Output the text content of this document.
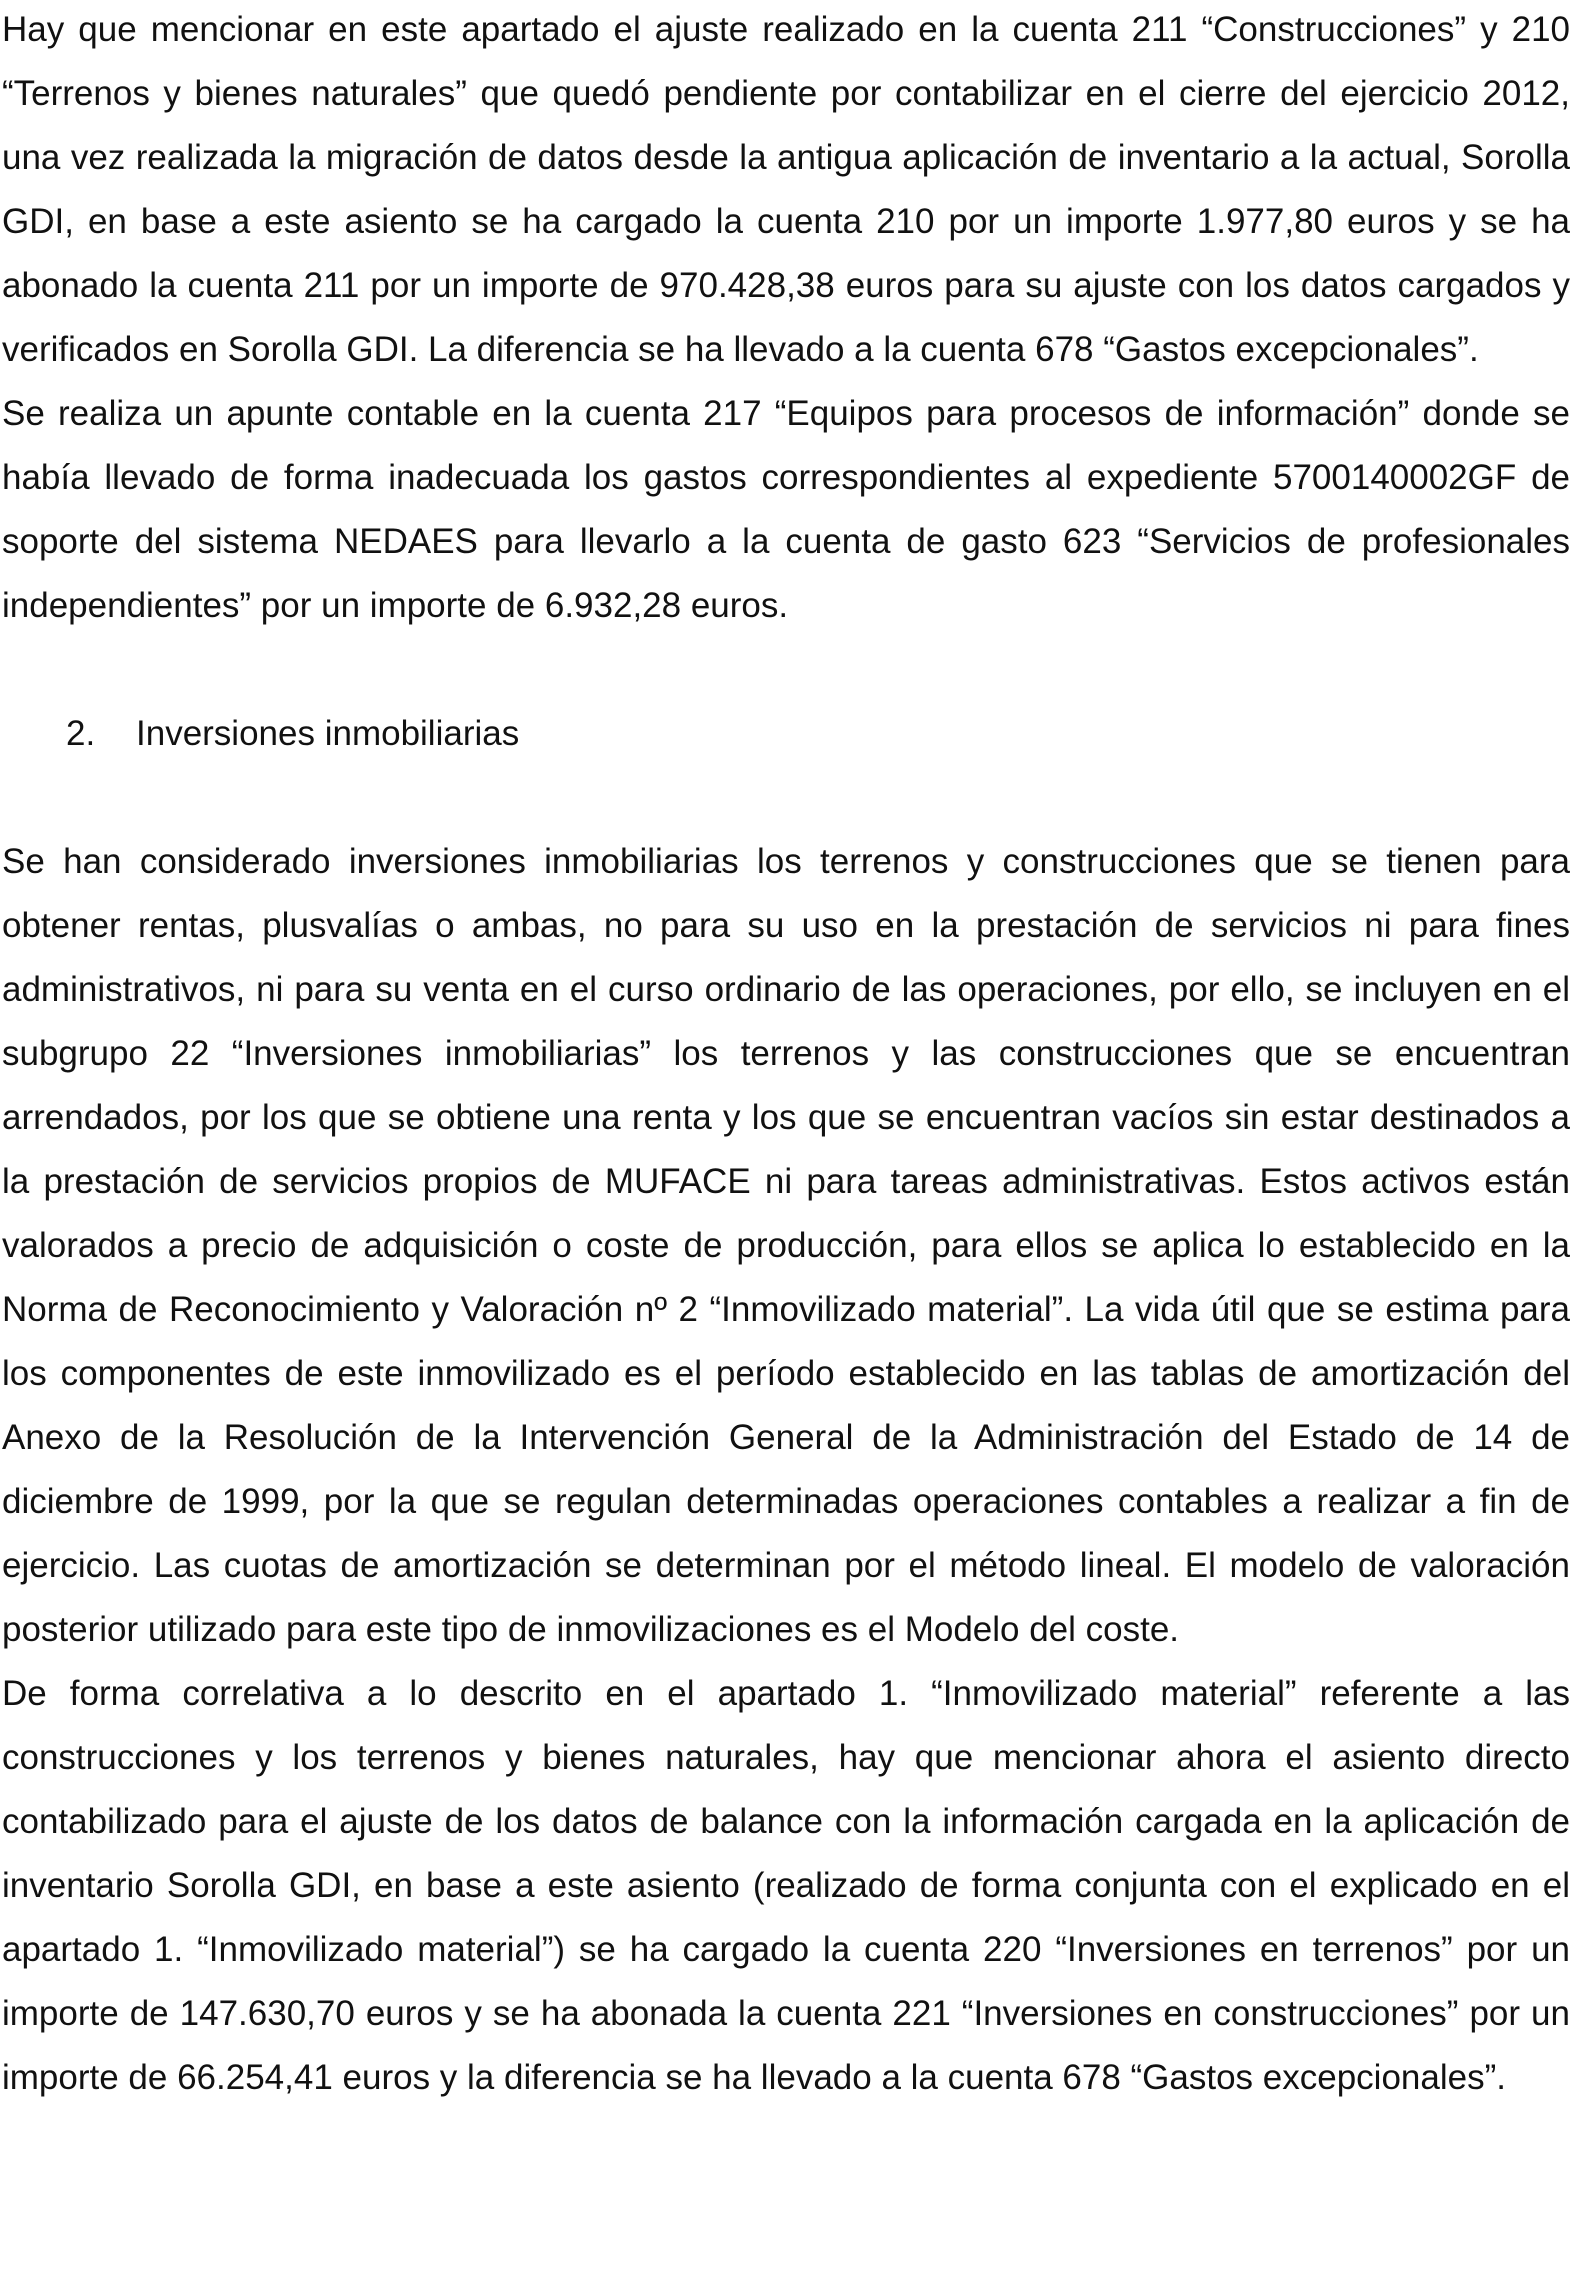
Hay que mencionar en este apartado el ajuste realizado en la cuenta 211 “Construcciones” y 210 “Terrenos y bienes naturales” que quedó pendiente por contabilizar en el cierre del ejercicio 2012, una vez realizada la migración de datos desde la antigua aplicación de inventario a la actual, Sorolla GDI, en base a este asiento se ha cargado la cuenta 210 por un importe 1.977,80 euros y se ha abonado la cuenta 211 por un importe de 970.428,38 euros para su ajuste con los datos cargados y verificados en Sorolla GDI. La diferencia se ha llevado a la cuenta 678 “Gastos excepcionales”.

Se realiza un apunte contable en la cuenta 217 “Equipos para procesos de información” donde se había llevado de forma inadecuada los gastos correspondientes al expediente 5700140002GF de soporte del sistema NEDAES para llevarlo a la cuenta de gasto 623 “Servicios de profesionales independientes” por un importe de 6.932,28 euros.

2. Inversiones inmobiliarias

Se han considerado inversiones inmobiliarias los terrenos y construcciones que se tienen para obtener rentas, plusvalías o ambas, no para su uso en la prestación de servicios ni para fines administrativos, ni para su venta en el curso ordinario de las operaciones, por ello, se incluyen en el subgrupo 22 “Inversiones inmobiliarias” los terrenos y las construcciones que se encuentran arrendados, por los que se obtiene una renta y los que se encuentran vacíos sin estar destinados a la prestación de servicios propios de MUFACE ni para tareas administrativas. Estos activos están valorados a precio de adquisición o coste de producción, para ellos se aplica lo establecido en la Norma de Reconocimiento y Valoración nº 2 “Inmovilizado material”. La vida útil que se estima para los componentes de este inmovilizado es el período establecido en las tablas de amortización del Anexo de la Resolución de la Intervención General de la Administración del Estado de 14 de diciembre de 1999, por la que se regulan determinadas operaciones contables a realizar a fin de ejercicio. Las cuotas de amortización se determinan por el método lineal. El modelo de valoración posterior utilizado para este tipo de inmovilizaciones es el Modelo del coste.

De forma correlativa a lo descrito en el apartado 1. “Inmovilizado material” referente a las construcciones y los terrenos y bienes naturales, hay que mencionar ahora el asiento directo contabilizado para el ajuste de los datos de balance con la información cargada en la aplicación de inventario Sorolla GDI, en base a este asiento (realizado de forma conjunta con el explicado en el apartado 1. “Inmovilizado material”) se ha cargado la cuenta 220 “Inversiones en terrenos” por un importe de 147.630,70 euros y se ha abonada la cuenta 221 “Inversiones en construcciones” por un importe de 66.254,41 euros y la diferencia se ha llevado a la cuenta 678 “Gastos excepcionales”.
